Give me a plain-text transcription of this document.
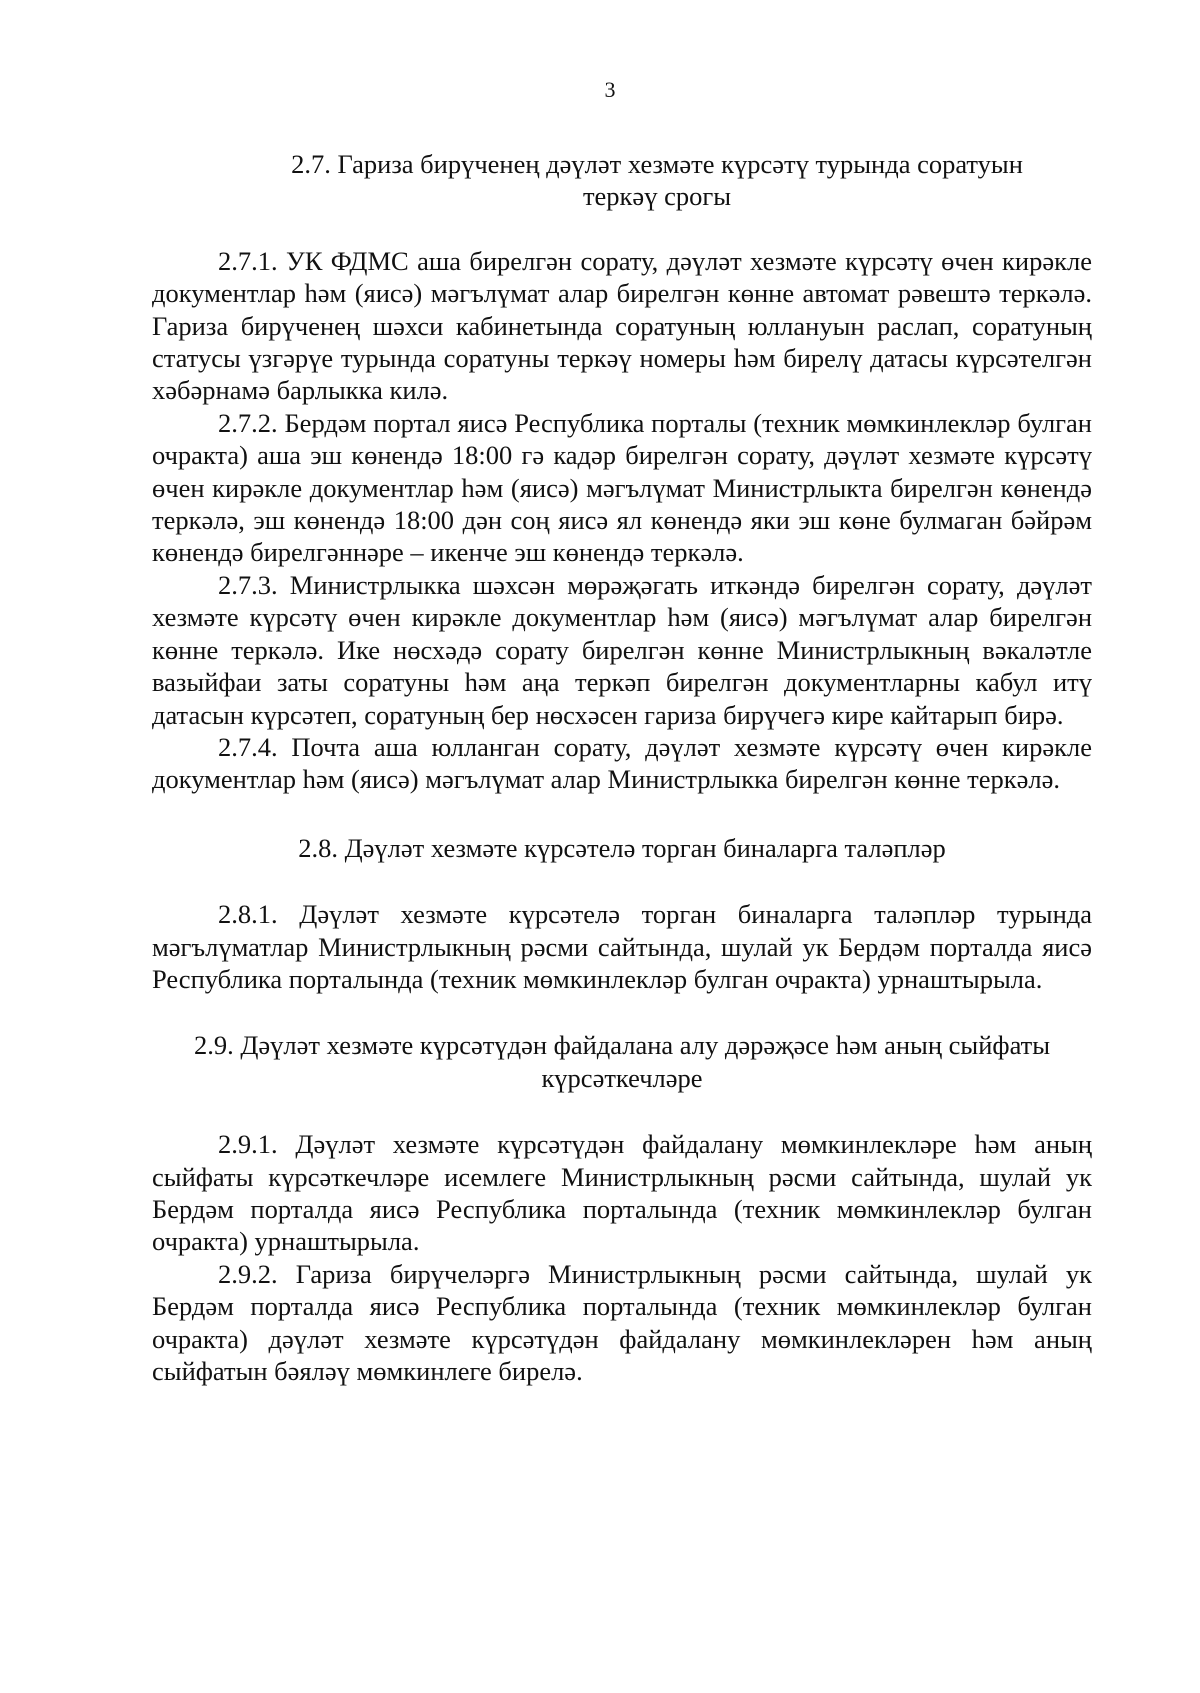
3

2.7. Гариза бирүченең дәүләт хезмәте күрсәтү турында соратуын теркәү срогы

2.7.1. УК ФДМС аша бирелгән сорату, дәүләт хезмәте күрсәтү өчен кирәкле документлар һәм (яисә) мәгълүмат алар бирелгән көнне автомат рәвештә теркәлә. Гариза бирүченең шәхси кабинетында соратуның юллануын раслап, соратуның статусы үзгәрүе турында соратуны теркәү номеры һәм бирелү датасы күрсәтелгән хәбәрнамә барлыкка килә.

2.7.2. Бердәм портал яисә Республика порталы (техник мөмкинлекләр булган очракта) аша эш көнендә 18:00 гә кадәр бирелгән сорату, дәүләт хезмәте күрсәтү өчен кирәкле документлар һәм (яисә) мәгълүмат Министрлыкта бирелгән көнендә теркәлә, эш көнендә 18:00 дән соң яисә ял көнендә яки эш көне булмаган бәйрәм көнендә бирелгәннәре – икенче эш көнендә теркәлә.

2.7.3. Министрлыкка шәхсән мөрәҗәгать иткәндә бирелгән сорату, дәүләт хезмәте күрсәтү өчен кирәкле документлар һәм (яисә) мәгълүмат алар бирелгән көнне теркәлә. Ике нөсхәдә сорату бирелгән көнне Министрлыкның вәкаләтле вазыйфаи заты соратуны һәм аңа теркәп бирелгән документларны кабул итү датасын күрсәтеп, соратуның бер нөсхәсен гариза бирүчегә кире кайтарып бирә.

2.7.4. Почта аша юлланган сорату, дәүләт хезмәте күрсәтү өчен кирәкле документлар һәм (яисә) мәгълүмат алар Министрлыкка бирелгән көнне теркәлә.

2.8. Дәүләт хезмәте күрсәтелә торган биналарга таләпләр

2.8.1. Дәүләт хезмәте күрсәтелә торган биналарга таләпләр турында мәгълүматлар Министрлыкның рәсми сайтында, шулай ук Бердәм порталда яисә Республика порталында (техник мөмкинлекләр булган очракта) урнаштырыла.

2.9. Дәүләт хезмәте күрсәтүдән файдалана алу дәрәҗәсе һәм аның сыйфаты күрсәткечләре

2.9.1. Дәүләт хезмәте күрсәтүдән файдалану мөмкинлекләре һәм аның сыйфаты күрсәткечләре исемлеге Министрлыкның рәсми сайтында, шулай ук Бердәм порталда яисә Республика порталында (техник мөмкинлекләр булган очракта) урнаштырыла.

2.9.2. Гариза бирүчеләргә Министрлыкның рәсми сайтында, шулай ук Бердәм порталда яисә Республика порталында (техник мөмкинлекләр булган очракта) дәүләт хезмәте күрсәтүдән файдалану мөмкинлекләрен һәм аның сыйфатын бәяләү мөмкинлеге бирелә.
